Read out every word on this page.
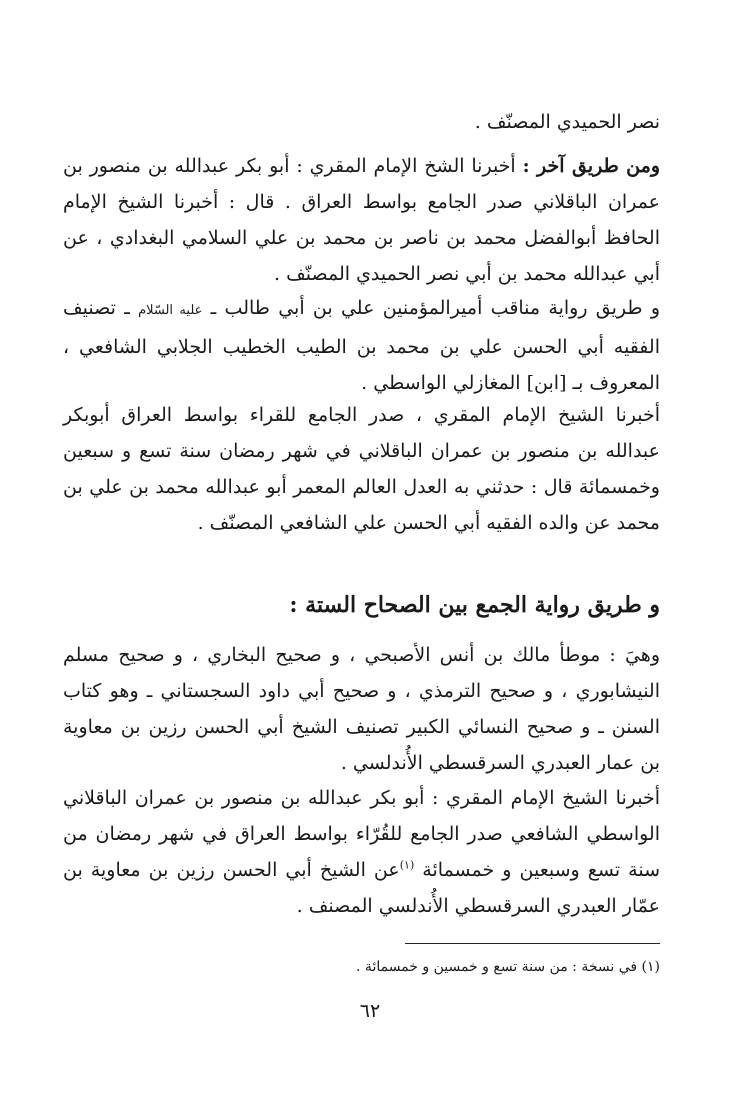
نصر الحميدي المصنّف .

ومن طريق آخر : أخبرنا الشخ الإمام المقري : أبو بكر عبدالله بن منصور بن عمران الباقلاني صدر الجامع بواسط العراق . قال : أخبرنا الشيخ الإمام الحافظ أبوالفضل محمد بن ناصر بن محمد بن علي السلامي البغدادي ، عن أبي عبدالله محمد بن أبي نصر الحميدي المصنّف .

و طريق رواية مناقب أميرالمؤمنين علي بن أبي طالب ـ عليه السّلام ـ تصنيف الفقيه أبي الحسن علي بن محمد بن الطيب الخطيب الجلابي الشافعي ، المعروف بـ [ابن] المغازلي الواسطي .

أخبرنا الشيخ الإمام المقري ، صدر الجامع للقراء بواسط العراق أبوبكر عبدالله بن منصور بن عمران الباقلاني في شهر رمضان سنة تسع و سبعين وخمسمائة قال : حدثني به العدل العالم المعمر أبو عبدالله محمد بن علي بن محمد عن والده الفقيه أبي الحسن علي الشافعي المصنّف .

و طريق رواية الجمع بين الصحاح الستة :

وهيَ : موطأ مالك بن أنس الأصبحي ، و صحيح البخاري ، و صحيح مسلم النيشابوري ، و صحيح الترمذي ، و صحيح أبي داود السجستاني ـ وهو كتاب السنن ـ و صحيح النسائي الكبير تصنيف الشيخ أبي الحسن رزين بن معاوية بن عمار العبدري السرقسطي الأُندلسي .

أخبرنا الشيخ الإمام المقري : أبو بكر عبدالله بن منصور بن عمران الباقلاني الواسطي الشافعي صدر الجامع للقُرّاء بواسط العراق في شهر رمضان من سنة تسع وسبعين و خمسمائة $^{(١)}$عن الشيخ أبي الحسن رزين بن معاوية بن عمّار العبدري السرقسطي الأُندلسي المصنف .

(١) في نسخة : من سنة تسع و خمسين و خمسمائة .

٦٢
